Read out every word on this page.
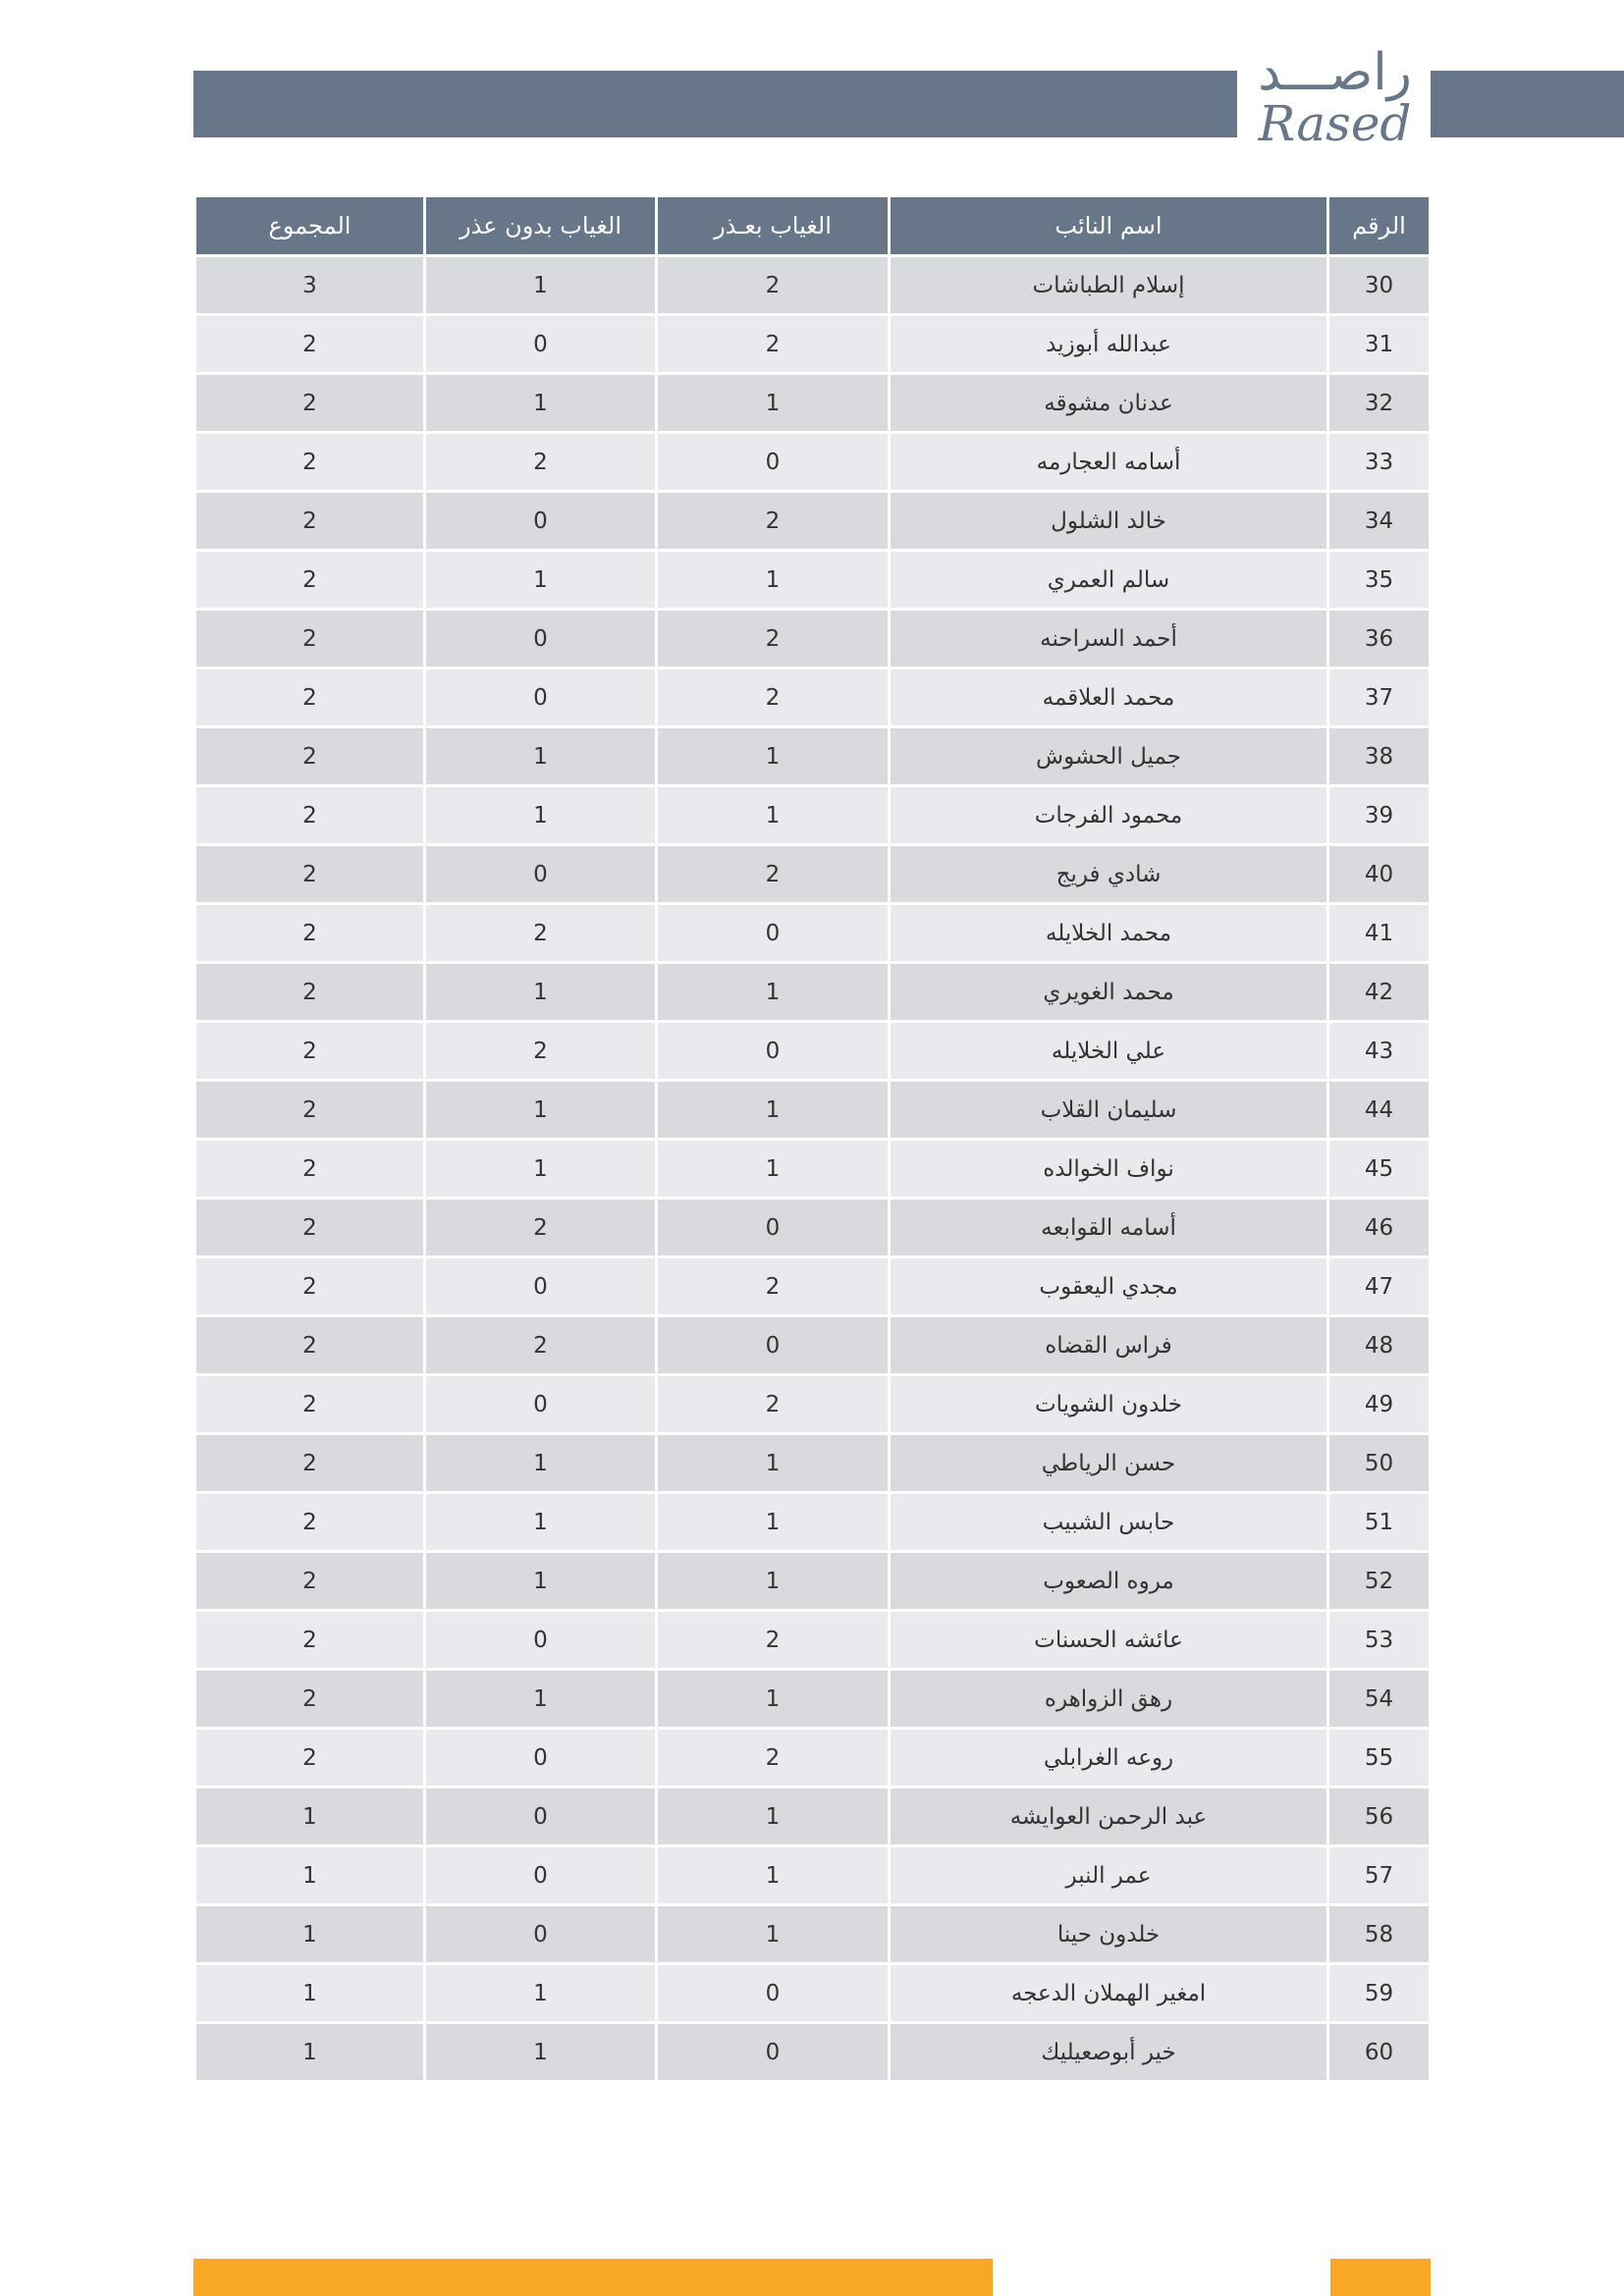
راصـــد
Rased
الرقم	اسم النائب	الغياب بعـذر	الغياب بدون عذر	المجموع
30	إسلام الطباشات	2	1	3
31	عبدالله أبوزيد	2	0	2
32	عدنان مشوقه	1	1	2
33	أسامه العجارمه	0	2	2
34	خالد الشلول	2	0	2
35	سالم العمري	1	1	2
36	أحمد السراحنه	2	0	2
37	محمد العلاقمه	2	0	2
38	جميل الحشوش	1	1	2
39	محمود الفرجات	1	1	2
40	شادي فريج	2	0	2
41	محمد الخلايله	0	2	2
42	محمد الغويري	1	1	2
43	علي الخلايله	0	2	2
44	سليمان القلاب	1	1	2
45	نواف الخوالده	1	1	2
46	أسامه القوابعه	0	2	2
47	مجدي اليعقوب	2	0	2
48	فراس القضاه	0	2	2
49	خلدون الشويات	2	0	2
50	حسن الرياطي	1	1	2
51	حابس الشبيب	1	1	2
52	مروه الصعوب	1	1	2
53	عائشه الحسنات	2	0	2
54	رهق الزواهره	1	1	2
55	روعه الغرابلي	2	0	2
56	عبد الرحمن العوايشه	1	0	1
57	عمر النبر	1	0	1
58	خلدون حينا	1	0	1
59	امغير الهملان الدعجه	0	1	1
60	خير أبوصعيليك	0	1	1
